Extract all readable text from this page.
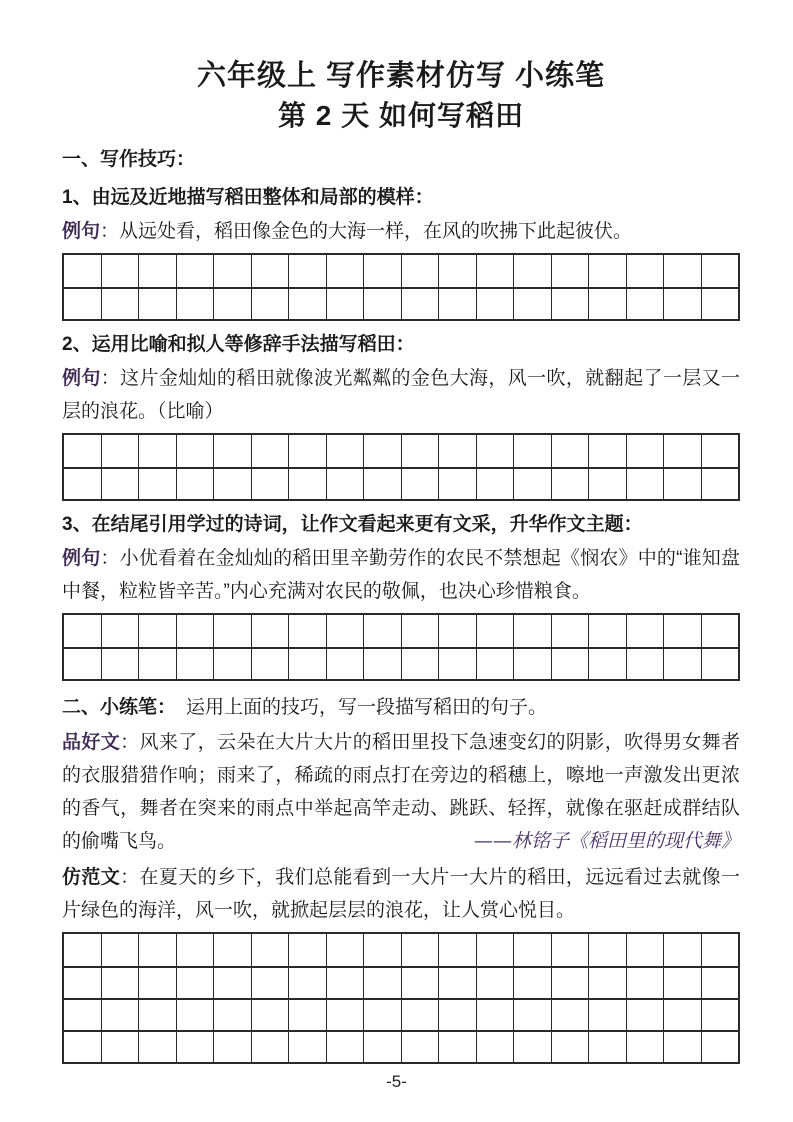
六年级上 写作素材仿写 小练笔
第 2 天 如何写稻田
一、写作技巧：
1、由远及近地描写稻田整体和局部的模样：

例句：从远处看，稻田像金色的大海一样，在风的吹拂下此起彼伏。

2、运用比喻和拟人等修辞手法描写稻田：

例句：这片金灿灿的稻田就像波光粼粼的金色大海，风一吹，就翻起了一层又一层的浪花。（比喻）

3、在结尾引用学过的诗词，让作文看起来更有文采，升华作文主题：

例句：小优看着在金灿灿的稻田里辛勤劳作的农民不禁想起《悯农》中的“谁知盘中餐，粒粒皆辛苦。”内心充满对农民的敬佩，也决心珍惜粮食。

二、小练笔： 运用上面的技巧，写一段描写稻田的句子。

品好文：风来了，云朵在大片大片的稻田里投下急速变幻的阴影，吹得男女舞者的衣服猎猎作响；雨来了，稀疏的雨点打在旁边的稻穗上，嚓地一声激发出更浓的香气，舞者在突来的雨点中举起高竿走动、跳跃、轻挥，就像在驱赶成群结队的偷嘴飞鸟。	——林铭子《稻田里的现代舞》

仿范文：在夏天的乡下，我们总能看到一大片一大片的稻田，远远看过去就像一片绿色的海洋，风一吹，就掀起层层的浪花，让人赏心悦目。

-5-
